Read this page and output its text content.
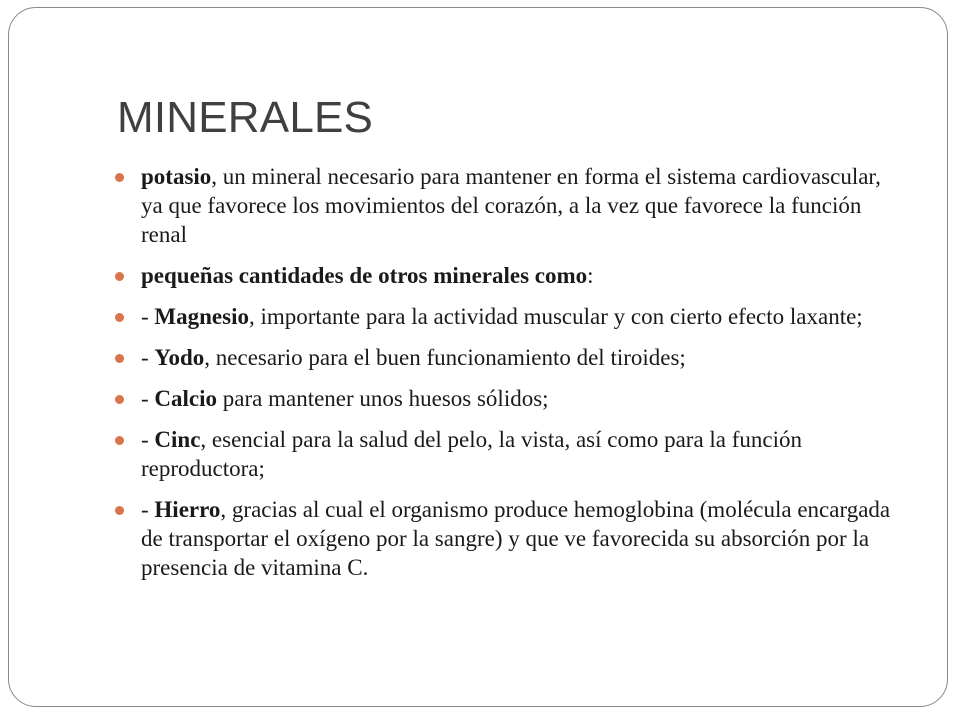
MINERALES
potasio, un mineral necesario para mantener en forma el sistema cardiovascular, ya que favorece los movimientos del corazón, a la vez que favorece la función renal
pequeñas cantidades de otros minerales como:
- Magnesio, importante para la actividad muscular y con cierto efecto laxante;
- Yodo, necesario para el buen funcionamiento del tiroides;
- Calcio para mantener unos huesos sólidos;
- Cinc, esencial para la salud del pelo, la vista, así como para la función reproductora;
- Hierro, gracias al cual el organismo produce hemoglobina (molécula encargada de transportar el oxígeno por la sangre) y que ve favorecida su absorción por la presencia de vitamina C.
